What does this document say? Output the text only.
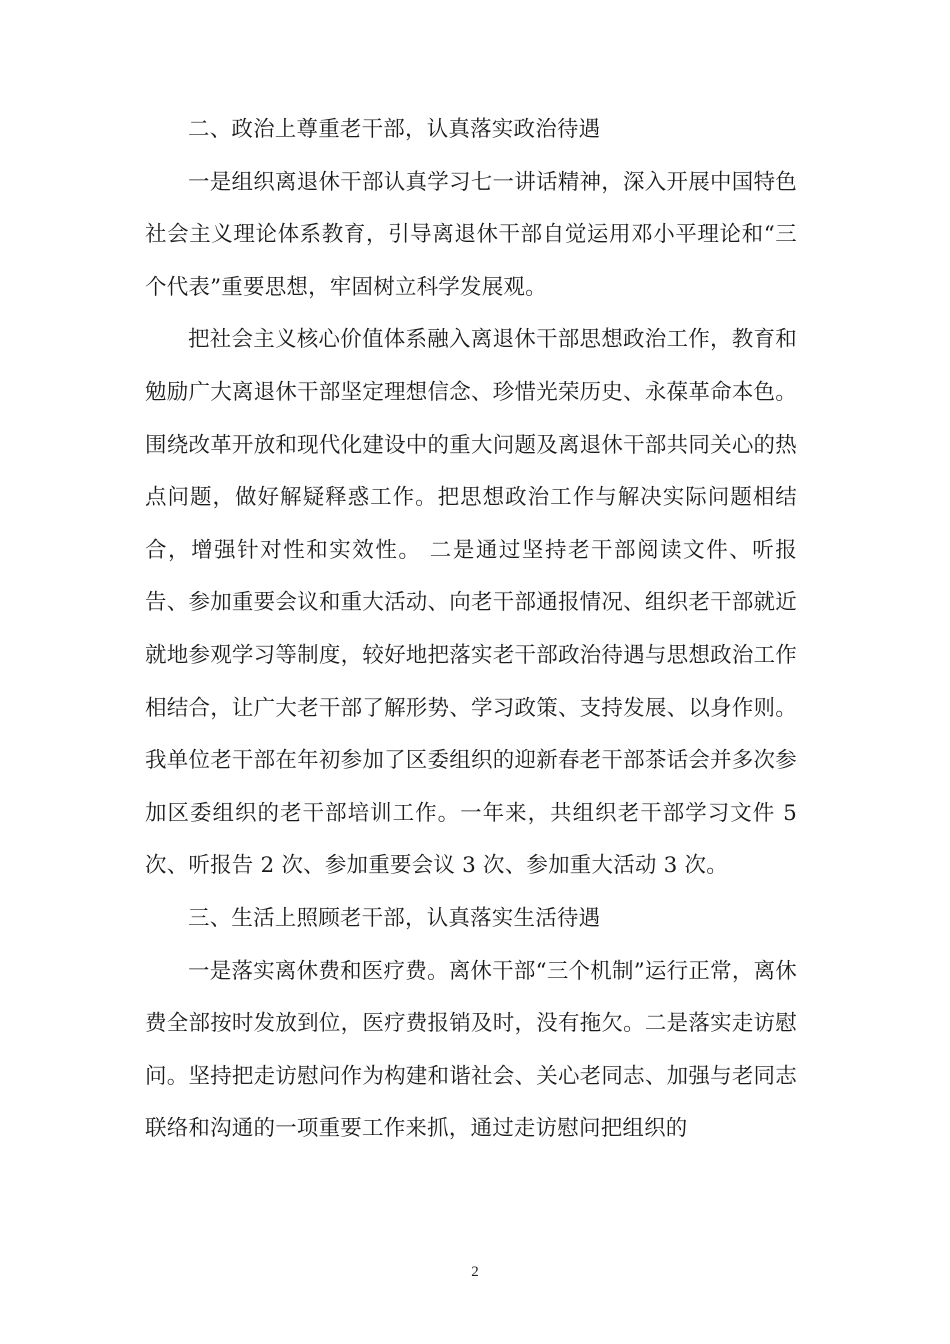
二、政治上尊重老干部，认真落实政治待遇

一是组织离退休干部认真学习七一讲话精神，深入开展中国特色社会主义理论体系教育，引导离退休干部自觉运用邓小平理论和“三个代表”重要思想，牢固树立科学发展观。

把社会主义核心价值体系融入离退休干部思想政治工作，教育和勉励广大离退休干部坚定理想信念、珍惜光荣历史、永葆革命本色。围绕改革开放和现代化建设中的重大问题及离退休干部共同关心的热点问题，做好解疑释惑工作。把思想政治工作与解决实际问题相结合，增强针对性和实效性。 二是通过坚持老干部阅读文件、听报告、参加重要会议和重大活动、向老干部通报情况、组织老干部就近就地参观学习等制度，较好地把落实老干部政治待遇与思想政治工作相结合，让广大老干部了解形势、学习政策、支持发展、以身作则。我单位老干部在年初参加了区委组织的迎新春老干部茶话会并多次参加区委组织的老干部培训工作。一年来，共组织老干部学习文件 5 次、听报告 2 次、参加重要会议 3 次、参加重大活动 3 次。

三、生活上照顾老干部，认真落实生活待遇

一是落实离休费和医疗费。离休干部“三个机制”运行正常，离休费全部按时发放到位，医疗费报销及时，没有拖欠。二是落实走访慰问。坚持把走访慰问作为构建和谐社会、关心老同志、加强与老同志联络和沟通的一项重要工作来抓，通过走访慰问把组织的

2
